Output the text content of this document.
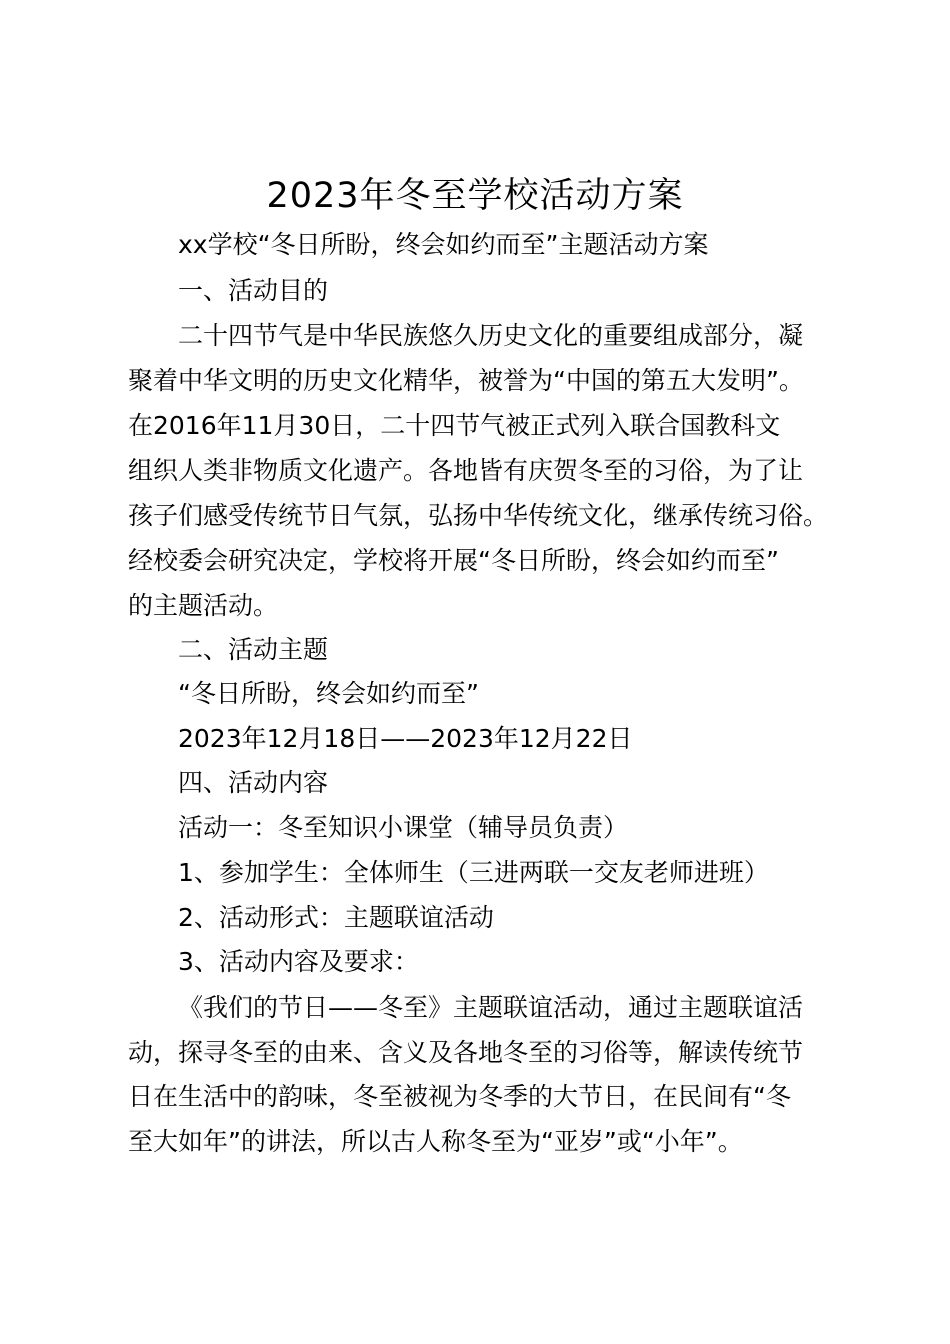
2023年冬至学校活动方案
xx学校“冬日所盼，终会如约而至”主题活动方案
一、活动目的
二十四节气是中华民族悠久历史文化的重要组成部分，凝
聚着中华文明的历史文化精华，被誉为“中国的第五大发明”。
在2016年11月30日，二十四节气被正式列入联合国教科文
组织人类非物质文化遗产。各地皆有庆贺冬至的习俗，为了让
孩子们感受传统节日气氛，弘扬中华传统文化，继承传统习俗。
经校委会研究决定，学校将开展“冬日所盼，终会如约而至”
的主题活动。
二、活动主题
“冬日所盼，终会如约而至”
2023年12月18日——2023年12月22日
四、活动内容
活动一：冬至知识小课堂（辅导员负责）
1、参加学生：全体师生（三进两联一交友老师进班）
2、活动形式：主题联谊活动
3、活动内容及要求：
《我们的节日——冬至》主题联谊活动，通过主题联谊活
动，探寻冬至的由来、含义及各地冬至的习俗等，解读传统节
日在生活中的韵味，冬至被视为冬季的大节日，在民间有“冬
至大如年”的讲法，所以古人称冬至为“亚岁”或“小年”。
